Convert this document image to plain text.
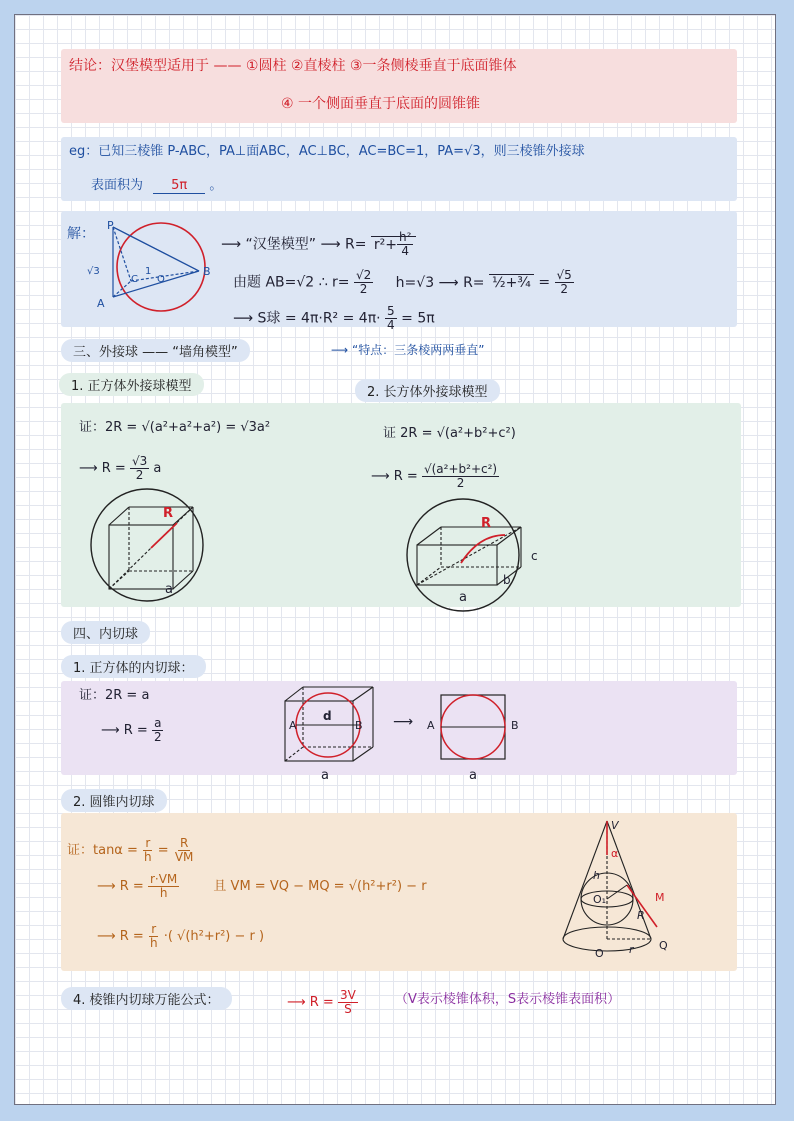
结论：汉堡模型适用于 —— ①圆柱 ②直棱柱 ③一条侧棱垂直于底面锥体
④ 一个侧面垂直于底面的圆锥锥
eg：已知三棱锥 P-ABC，PA⊥面ABC，AC⊥BC，AC=BC=1，PA=√3，则三棱锥外接球
表面积为 5π 。
解：
P
A
B
C O
√3	1
⟶ “汉堡模型” ⟶ $R= r^2+ \frac{\text{h²}}{4}$
由题 AB=√2 ∴ $r= \frac{√2}{2} h=√3$ ⟶ R= ½+¾ = $\frac{√5}{2}$
⟶ S球 = $4\pi\cdot R^2 = 4\pi\cdot \frac{5}{4} = 5\pi$
三、外接球 —— “墙角模型”	⟶ “特点：三条棱两两垂直”
1. 正方体外接球模型	2. 长方体外接球模型
证：2R = √(a²+a²+a²) = √3a²
⟶ $R = \frac{√3}{2}$ a
R
a
证 2R = √(a²+b²+c²)
⟶ $R = \frac{\text{√(a²+b²+c²)}}{2}$
R
a
b
c
四、内切球
1. 正方体的内切球：
证：2R = a
⟶ $R = \frac{a}{2}$	A	B
d
a
⟶ A	B
a
2. 圆锥内切球
证：$\tan\alpha = \frac{r}{h} = \frac{R}{VM}$
⟶ $R = \frac{r\cdot VM}{h}$	且 VM = VQ − MQ = √(h²+r²) − r
⟶ $R = \frac{r}{h}$ ·( √(h²+r²) − r )
V
α
h
O₁	M
R
O r Q
4. 棱锥内切球万能公式：	⟶ $R = \frac{3V}{S}$	（V表示棱锥体积，S表示棱锥表面积）
